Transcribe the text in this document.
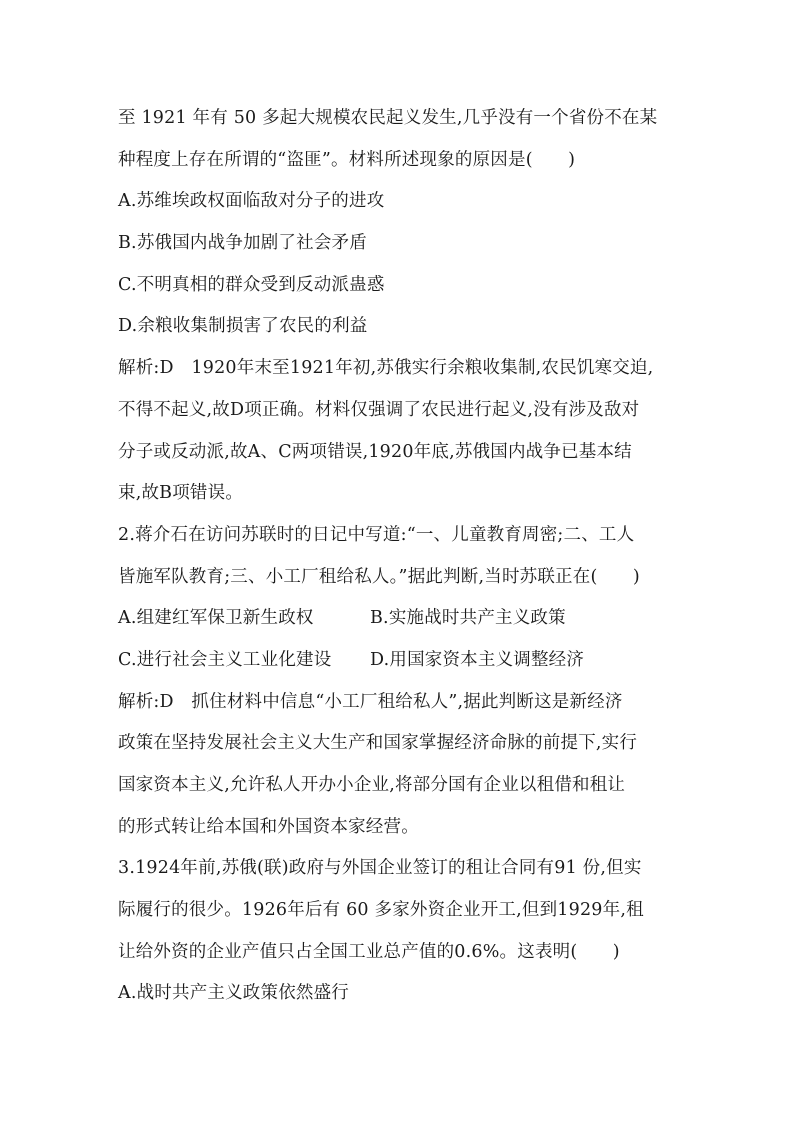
至 1921 年有 50 多起大规模农民起义发生,几乎没有一个省份不在某
种程度上存在所谓的“盗匪”。材料所述现象的原因是(　　)
A.苏维埃政权面临敌对分子的进攻
B.苏俄国内战争加剧了社会矛盾
C.不明真相的群众受到反动派蛊惑
D.余粮收集制损害了农民的利益
解析:D　1920年末至1921年初,苏俄实行余粮收集制,农民饥寒交迫,
不得不起义,故D项正确。材料仅强调了农民进行起义,没有涉及敌对
分子或反动派,故A、C两项错误,1920年底,苏俄国内战争已基本结
束,故B项错误。
2.蒋介石在访问苏联时的日记中写道:“一、儿童教育周密;二、工人
皆施军队教育;三、小工厂租给私人。”据此判断,当时苏联正在(　　)
A.组建红军保卫新生政权	B.实施战时共产主义政策
C.进行社会主义工业化建设	D.用国家资本主义调整经济
解析:D　抓住材料中信息“小工厂租给私人”,据此判断这是新经济
政策在坚持发展社会主义大生产和国家掌握经济命脉的前提下,实行
国家资本主义,允许私人开办小企业,将部分国有企业以租借和租让
的形式转让给本国和外国资本家经营。
3.1924年前,苏俄(联)政府与外国企业签订的租让合同有91 份,但实
际履行的很少。1926年后有 60 多家外资企业开工,但到1929年,租
让给外资的企业产值只占全国工业总产值的0.6%。这表明(　　)
A.战时共产主义政策依然盛行
